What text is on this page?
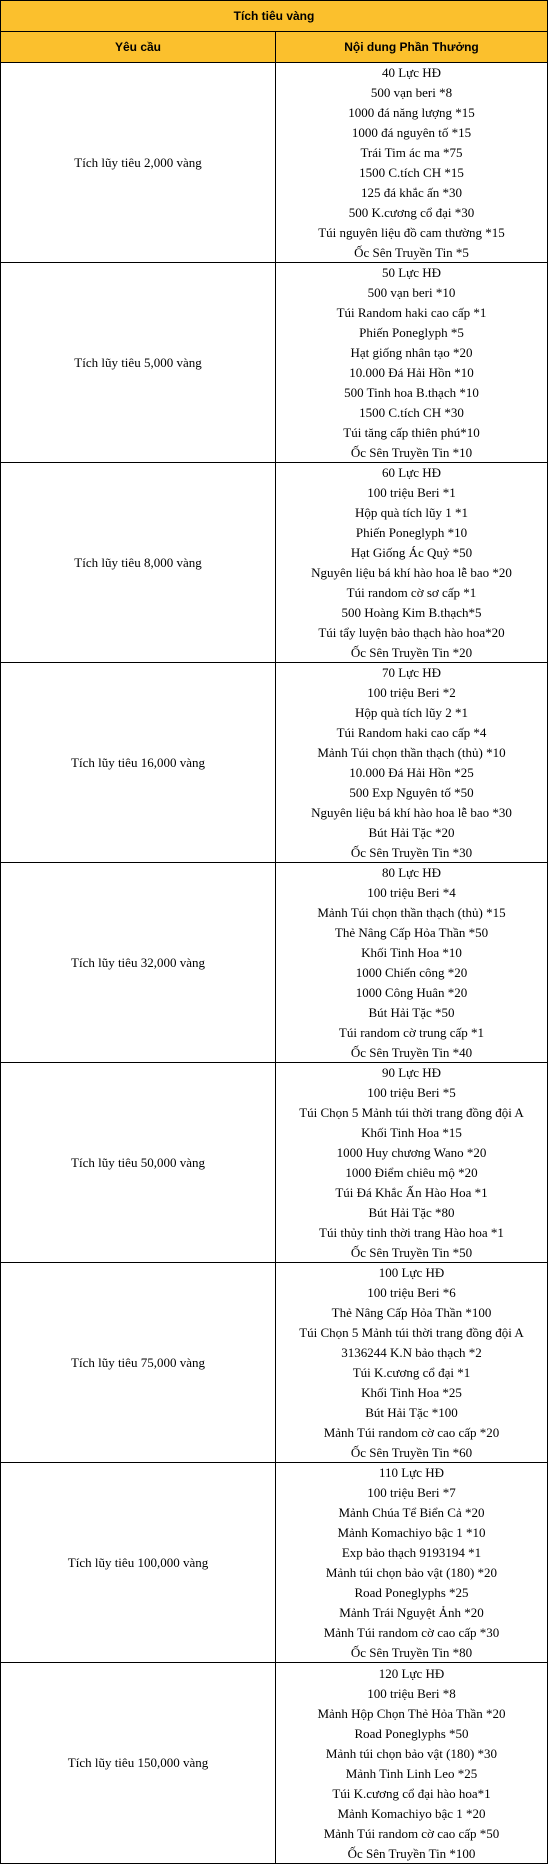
Tích tiêu vàng
Yêu cầu	Nội dung Phần Thưởng
Tích lũy tiêu 2,000 vàng
40 Lực HĐ
500 vạn beri *8
1000 đá năng lượng *15
1000 đá nguyên tố *15
Trái Tim ác ma *75
1500 C.tích CH *15
125 đá khắc ấn *30
500 K.cương cổ đại *30
Túi nguyên liệu đồ cam thường *15
Ốc Sên Truyền Tin *5
Tích lũy tiêu 5,000 vàng
50 Lực HĐ
500 vạn beri *10
Túi Random haki cao cấp *1
Phiến Poneglyph *5
Hạt giống nhân tạo *20
10.000 Đá Hải Hồn *10
500 Tinh hoa B.thạch *10
1500 C.tích CH *30
Túi tăng cấp thiên phú*10
Ốc Sên Truyền Tin *10
Tích lũy tiêu 8,000 vàng
60 Lực HĐ
100 triệu Beri *1
Hộp quà tích lũy 1 *1
Phiến Poneglyph *10
Hạt Giống Ác Quỷ *50
Nguyên liệu bá khí hào hoa lễ bao *20
Túi random cờ sơ cấp *1
500 Hoàng Kim B.thạch*5
Túi tẩy luyện bảo thạch hào hoa*20
Ốc Sên Truyền Tin *20
Tích lũy tiêu 16,000 vàng
70 Lực HĐ
100 triệu Beri *2
Hộp quà tích lũy 2 *1
Túi Random haki cao cấp *4
Mảnh Túi chọn thần thạch (thủ) *10
10.000 Đá Hải Hồn *25
500 Exp Nguyên tố *50
Nguyên liệu bá khí hào hoa lễ bao *30
Bút Hải Tặc *20
Ốc Sên Truyền Tin *30
Tích lũy tiêu 32,000 vàng
80 Lực HĐ
100 triệu Beri *4
Mảnh Túi chọn thần thạch (thủ) *15
Thẻ Nâng Cấp Hỏa Thần *50
Khối Tinh Hoa *10
1000 Chiến công *20
1000 Công Huân *20
Bút Hải Tặc *50
Túi random cờ trung cấp *1
Ốc Sên Truyền Tin *40
Tích lũy tiêu 50,000 vàng
90 Lực HĐ
100 triệu Beri *5
Túi Chọn 5 Mảnh túi thời trang đồng đội A
Khối Tinh Hoa *15
1000 Huy chương Wano *20
1000 Điểm chiêu mộ *20
Túi Đá Khắc Ấn Hào Hoa *1
Bút Hải Tặc *80
Túi thủy tinh thời trang Hào hoa *1
Ốc Sên Truyền Tin *50
Tích lũy tiêu 75,000 vàng
100 Lực HĐ
100 triệu Beri *6
Thẻ Nâng Cấp Hỏa Thần *100
Túi Chọn 5 Mảnh túi thời trang đồng đội A
3136244 K.N bảo thạch *2
Túi K.cương cổ đại *1
Khối Tinh Hoa *25
Bút Hải Tặc *100
Mảnh Túi random cờ cao cấp *20
Ốc Sên Truyền Tin *60
Tích lũy tiêu 100,000 vàng
110 Lực HĐ
100 triệu Beri *7
Mảnh Chúa Tể Biển Cả *20
Mảnh Komachiyo bậc 1 *10
Exp bảo thạch 9193194 *1
Mảnh túi chọn bảo vật (180) *20
Road Poneglyphs *25
Mảnh Trái Nguyệt Ảnh *20
Mảnh Túi random cờ cao cấp *30
Ốc Sên Truyền Tin *80
Tích lũy tiêu 150,000 vàng
120 Lực HĐ
100 triệu Beri *8
Mảnh Hộp Chọn Thẻ Hỏa Thần *20
Road Poneglyphs *50
Mảnh túi chọn bảo vật (180) *30
Mảnh Tinh Linh Leo *25
Túi K.cương cổ đại hào hoa*1
Mảnh Komachiyo bậc 1 *20
Mảnh Túi random cờ cao cấp *50
Ốc Sên Truyền Tin *100
